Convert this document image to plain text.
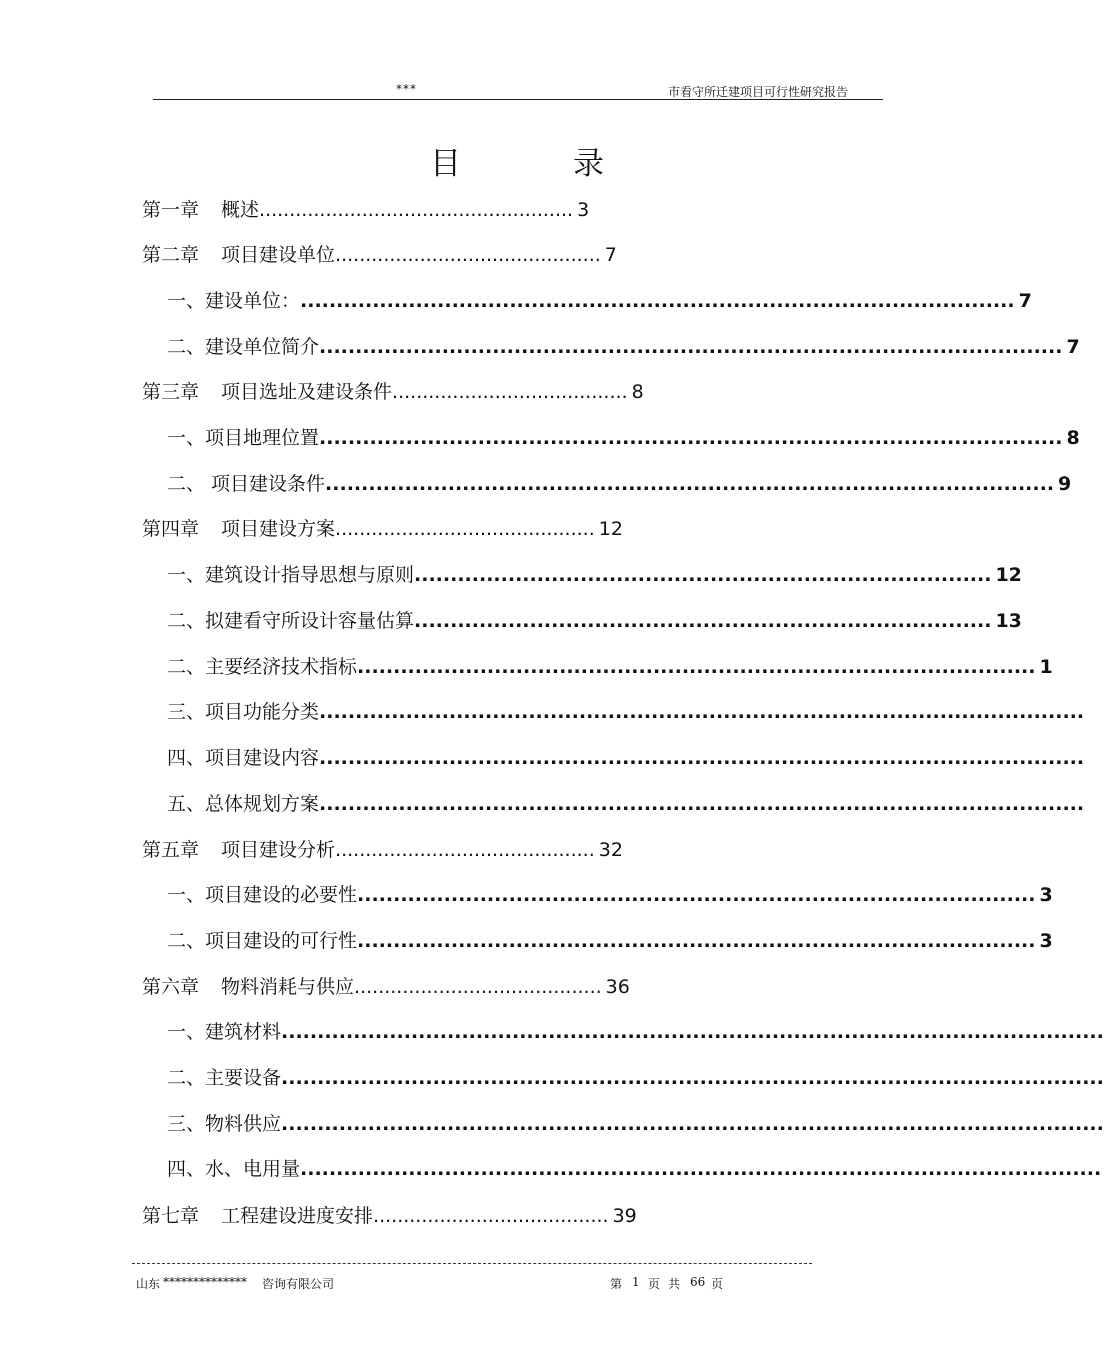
***	市看守所迁建项目可行性研究报告
目录
第一章 概述.................................................... 3
第二章 项目建设单位............................................ 7
一、建设单位：................................................................................................... 7
二、建设单位简介....................................................................................................... 7
第三章 项目选址及建设条件....................................... 8
一、项目地理位置....................................................................................................... 8
二、 项目建设条件..................................................................................................... 9
第四章 项目建设方案........................................... 12
一、建筑设计指导思想与原则................................................................................ 12
二、拟建看守所设计容量估算................................................................................ 13
二、主要经济技术指标.............................................................................................. 1
三、项目功能分类..........................................................................................................
四、项目建设内容..........................................................................................................
五、总体规划方案..........................................................................................................
第五章 项目建设分析........................................... 32
一、项目建设的必要性.............................................................................................. 3
二、项目建设的可行性.............................................................................................. 3
第六章 物料消耗与供应......................................... 36
一、建筑材料..................................................................................................................
二、主要设备..................................................................................................................
三、物料供应..................................................................................................................
四、水、电用量...............................................................................................................
第七章 工程建设进度安排....................................... 39
山东 ************** 咨询有限公司	第 1 页 共 66 页
